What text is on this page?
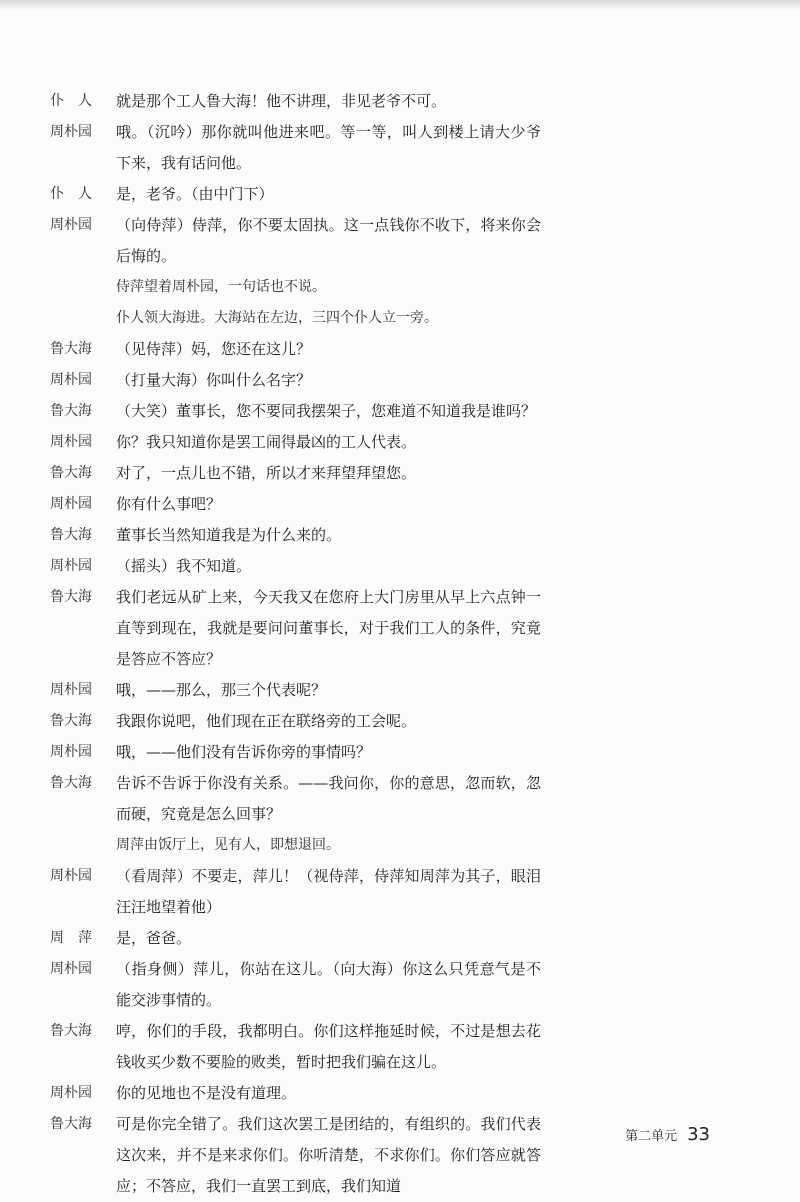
仆　人	就是那个工人鲁大海！他不讲理，非见老爷不可。
周朴园	哦。（沉吟）那你就叫他进来吧。等一等，叫人到楼上请大少爷下来，我有话问他。
仆　人	是，老爷。（由中门下）
周朴园	（向侍萍）侍萍，你不要太固执。这一点钱你不收下，将来你会后悔的。
侍萍望着周朴园，一句话也不说。
仆人领大海进。大海站在左边，三四个仆人立一旁。
鲁大海	（见侍萍）妈，您还在这儿？
周朴园	（打量大海）你叫什么名字？
鲁大海	（大笑）董事长，您不要同我摆架子，您难道不知道我是谁吗？
周朴园	你？我只知道你是罢工闹得最凶的工人代表。
鲁大海	对了，一点儿也不错，所以才来拜望拜望您。
周朴园	你有什么事吧？
鲁大海	董事长当然知道我是为什么来的。
周朴园	（摇头）我不知道。
鲁大海	我们老远从矿上来，今天我又在您府上大门房里从早上六点钟一直等到现在，我就是要问问董事长，对于我们工人的条件，究竟是答应不答应？
周朴园	哦，——那么，那三个代表呢？
鲁大海	我跟你说吧，他们现在正在联络旁的工会呢。
周朴园	哦，——他们没有告诉你旁的事情吗？
鲁大海	告诉不告诉于你没有关系。——我问你，你的意思，忽而软，忽而硬，究竟是怎么回事？
周萍由饭厅上，见有人，即想退回。
周朴园	（看周萍）不要走，萍儿！（视侍萍，侍萍知周萍为其子，眼泪汪汪地望着他）
周　萍	是，爸爸。
周朴园	（指身侧）萍儿，你站在这儿。（向大海）你这么只凭意气是不能交涉事情的。
鲁大海	哼，你们的手段，我都明白。你们这样拖延时候，不过是想去花钱收买少数不要脸的败类，暂时把我们骗在这儿。
周朴园	你的见地也不是没有道理。
鲁大海	可是你完全错了。我们这次罢工是团结的，有组织的。我们代表这次来，并不是来求你们。你听清楚，不求你们。你们答应就答应；不答应，我们一直罢工到底，我们知道
第二单元 33
